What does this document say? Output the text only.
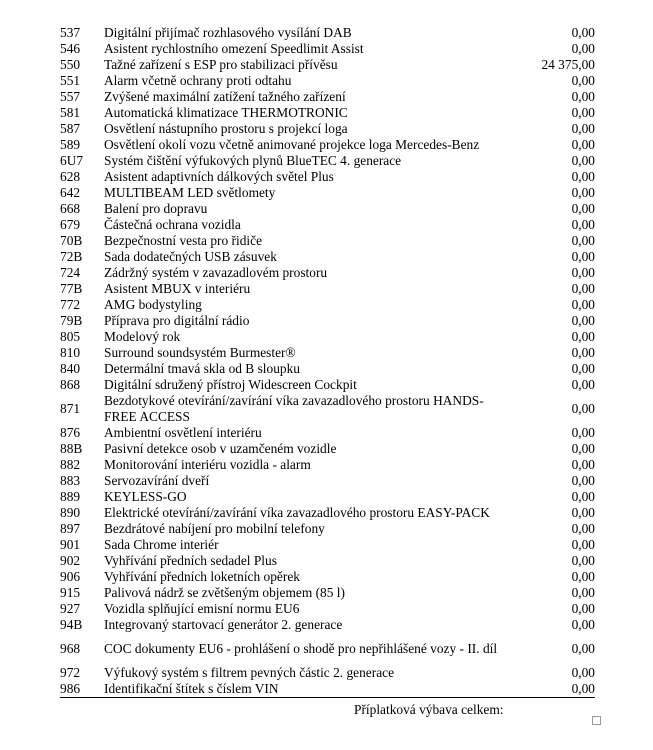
537	Digitální přijímač rozhlasového vysílání DAB	0,00
546	Asistent rychlostního omezení Speedlimit Assist	0,00
550	Tažné zařízení s ESP pro stabilizaci přívěsu	24 375,00
551	Alarm včetně ochrany proti odtahu	0,00
557	Zvýšené maximální zatížení tažného zařízení	0,00
581	Automatická klimatizace THERMOTRONIC	0,00
587	Osvětlení nástupního prostoru s projekcí loga	0,00
589	Osvětlení okolí vozu včetně animované projekce loga Mercedes-Benz	0,00
6U7	Systém čištění výfukových plynů BlueTEC 4. generace	0,00
628	Asistent adaptivních dálkových světel Plus	0,00
642	MULTIBEAM LED světlomety	0,00
668	Balení pro dopravu	0,00
679	Částečná ochrana vozidla	0,00
70B	Bezpečnostní vesta pro řidiče	0,00
72B	Sada dodatečných USB zásuvek	0,00
724	Zádržný systém v zavazadlovém prostoru	0,00
77B	Asistent MBUX v interiéru	0,00
772	AMG bodystyling	0,00
79B	Příprava pro digitální rádio	0,00
805	Modelový rok	0,00
810	Surround soundsystém Burmester®	0,00
840	Determální tmavá skla od B sloupku	0,00
868	Digitální sdružený přístroj Widescreen Cockpit	0,00
871	Bezdotykové otevírání/zavírání víka zavazadlového prostoru HANDS-FREE ACCESS	0,00
876	Ambientní osvětlení interiéru	0,00
88B	Pasivní detekce osob v uzamčeném vozidle	0,00
882	Monitorování interiéru vozidla - alarm	0,00
883	Servozavírání dveří	0,00
889	KEYLESS-GO	0,00
890	Elektrické otevírání/zavírání víka zavazadlového prostoru EASY-PACK	0,00
897	Bezdrátové nabíjení pro mobilní telefony	0,00
901	Sada Chrome interiér	0,00
902	Vyhřívání předních sedadel Plus	0,00
906	Vyhřívání předních loketních opěrek	0,00
915	Palivová nádrž se zvětšeným objemem (85 l)	0,00
927	Vozidla splňující emisní normu EU6	0,00
94B	Integrovaný startovací generátor 2. generace	0,00
968	COC dokumenty EU6 - prohlášení o shodě pro nepřihlášené vozy - II. díl	0,00
972	Výfukový systém s filtrem pevných částic 2. generace	0,00
986	Identifikační štítek s číslem VIN	0,00
Příplatková výbava celkem:
